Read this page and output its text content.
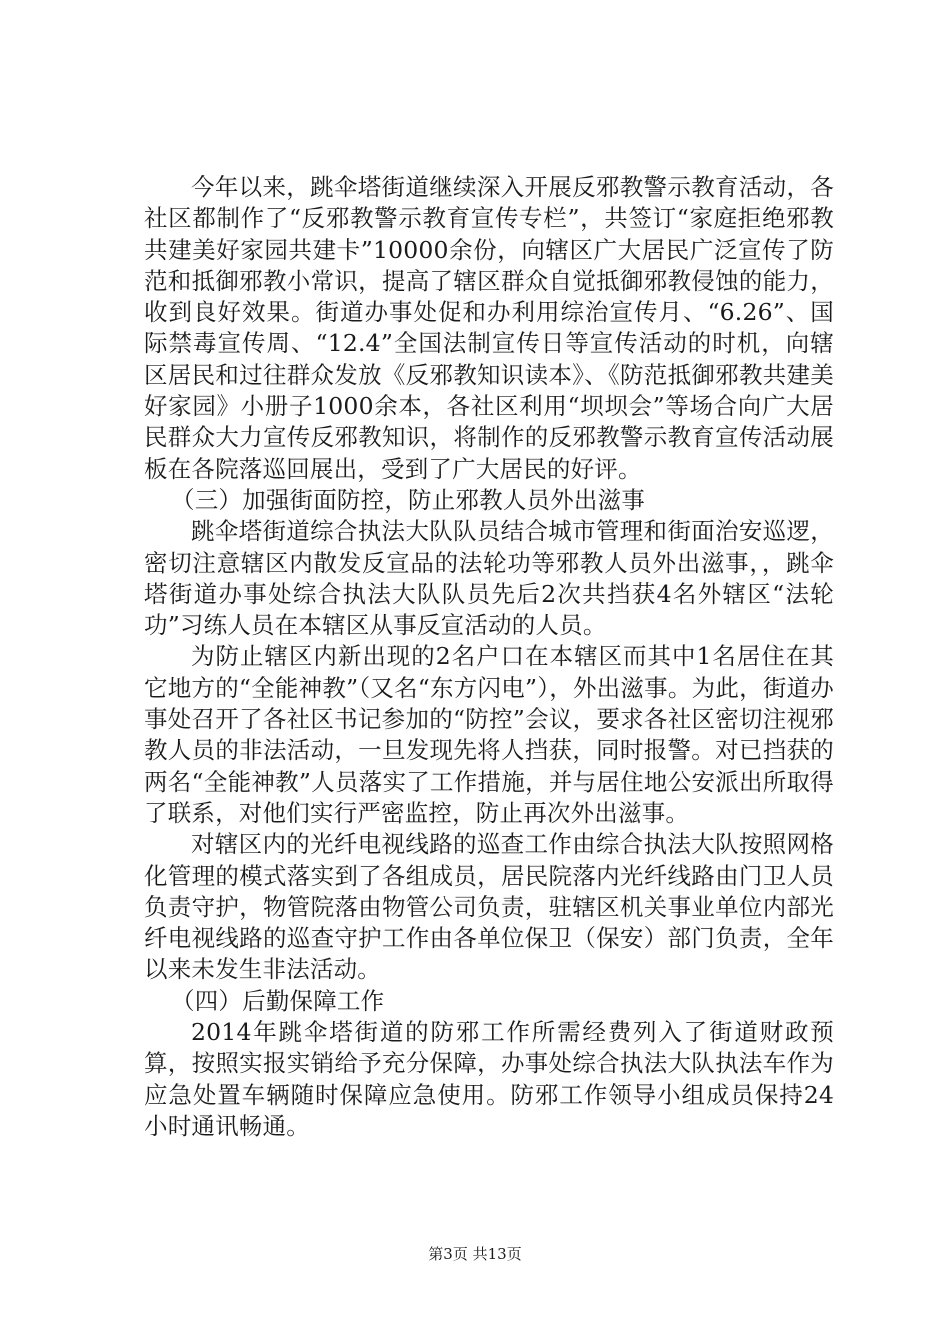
今年以来，跳伞塔街道继续深入开展反邪教警示教育活动，各社区都制作了“反邪教警示教育宣传专栏”，共签订“家庭拒绝邪教共建美好家园共建卡”10000余份，向辖区广大居民广泛宣传了防范和抵御邪教小常识，提高了辖区群众自觉抵御邪教侵蚀的能力，收到良好效果。街道办事处促和办利用综治宣传月、“6.26”、国际禁毒宣传周、“12.4”全国法制宣传日等宣传活动的时机，向辖区居民和过往群众发放《反邪教知识读本》、《防范抵御邪教共建美好家园》小册子1000余本，各社区利用“坝坝会”等场合向广大居民群众大力宣传反邪教知识，将制作的反邪教警示教育宣传活动展板在各院落巡回展出，受到了广大居民的好评。

（三）加强街面防控，防止邪教人员外出滋事

跳伞塔街道综合执法大队队员结合城市管理和街面治安巡逻，密切注意辖区内散发反宣品的法轮功等邪教人员外出滋事，，跳伞塔街道办事处综合执法大队队员先后2次共挡获4名外辖区“法轮功”习练人员在本辖区从事反宣活动的人员。

为防止辖区内新出现的2名户口在本辖区而其中1名居住在其它地方的“全能神教”（又名“东方闪电”），外出滋事。为此，街道办事处召开了各社区书记参加的“防控”会议，要求各社区密切注视邪教人员的非法活动，一旦发现先将人挡获，同时报警。对已挡获的两名“全能神教”人员落实了工作措施，并与居住地公安派出所取得了联系，对他们实行严密监控，防止再次外出滋事。

对辖区内的光纤电视线路的巡查工作由综合执法大队按照网格化管理的模式落实到了各组成员，居民院落内光纤线路由门卫人员负责守护，物管院落由物管公司负责，驻辖区机关事业单位内部光纤电视线路的巡查守护工作由各单位保卫（保安）部门负责，全年以来未发生非法活动。

（四）后勤保障工作

2014年跳伞塔街道的防邪工作所需经费列入了街道财政预算，按照实报实销给予充分保障，办事处综合执法大队执法车作为应急处置车辆随时保障应急使用。防邪工作领导小组成员保持24小时通讯畅通。

第3页 共13页
